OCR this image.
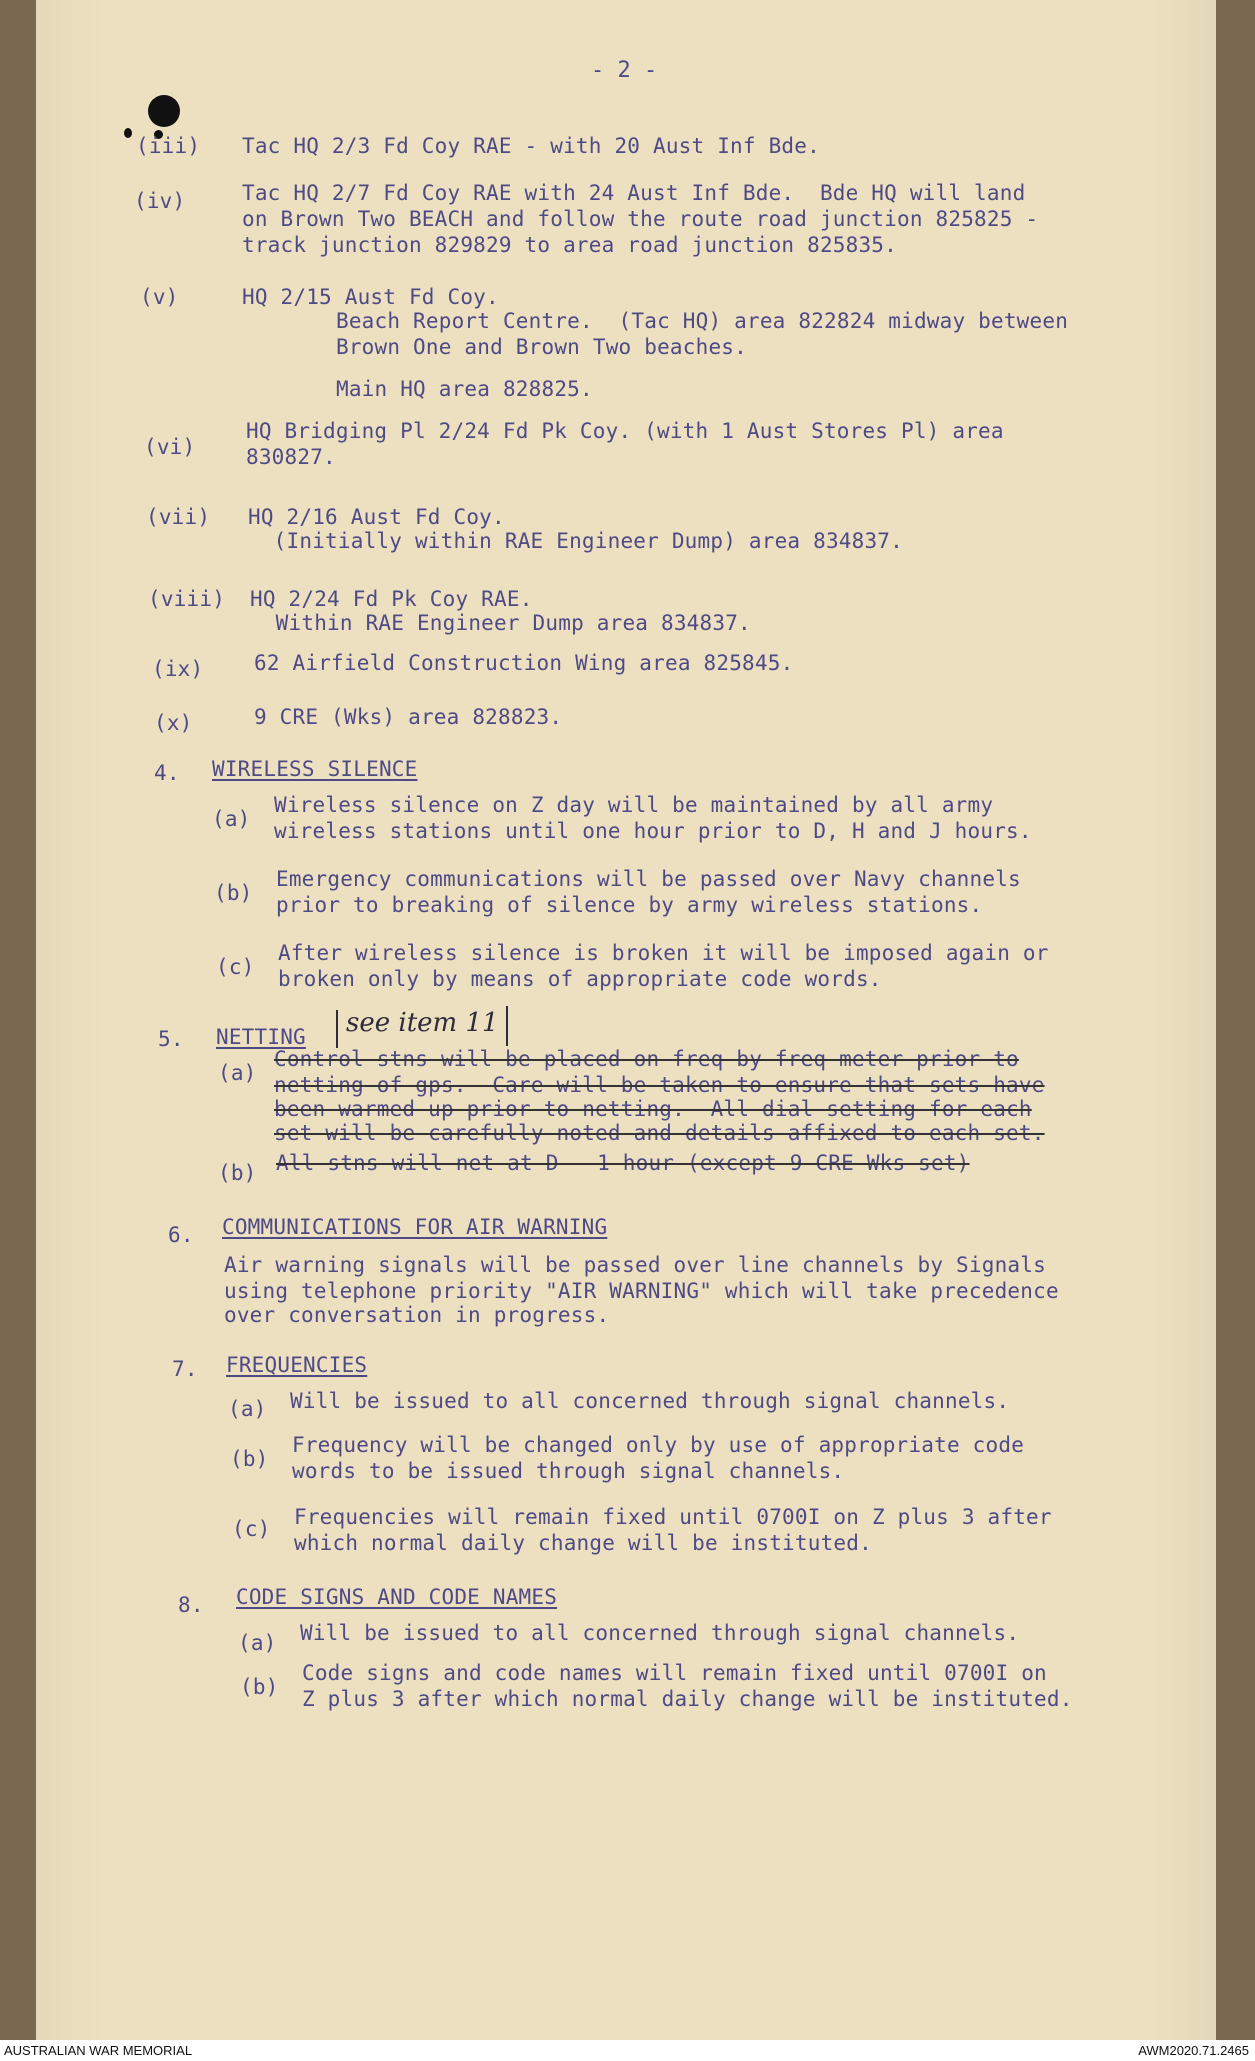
- 2 -
(iii) Tac HQ 2/3 Fd Coy RAE - with 20 Aust Inf Bde.
(iv)	Tac HQ 2/7 Fd Coy RAE with 24 Aust Inf Bde.  Bde HQ will land
on Brown Two BEACH and follow the route road junction 825825 -
track junction 829829 to area road junction 825835.
(v)	HQ 2/15 Aust Fd Coy.
Beach Report Centre.  (Tac HQ) area 822824 midway between
Brown One and Brown Two beaches.
Main HQ area 828825.
(vi)
HQ Bridging Pl 2/24 Fd Pk Coy. (with 1 Aust Stores Pl) area
830827.
(vii) HQ 2/16 Aust Fd Coy.
(Initially within RAE Engineer Dump) area 834837.
(viii) HQ 2/24 Fd Pk Coy RAE.
Within RAE Engineer Dump area 834837.
(ix) 62 Airfield Construction Wing area 825845.
(x)	9 CRE (Wks) area 828823.
4. WIRELESS SILENCE
(a)
Wireless silence on Z day will be maintained by all army
wireless stations until one hour prior to D, H and J hours.
(b)
Emergency communications will be passed over Navy channels
prior to breaking of silence by army wireless stations.
(c)
After wireless silence is broken it will be imposed again or
broken only by means of appropriate code words.
5. NETTING see item 11
(a)
Control stns will be placed on freq by freq meter prior to
netting of gps.  Care will be taken to ensure that sets have
been warmed up prior to netting.  All dial setting for each
set will be carefully noted and details affixed to each set.
(b) All stns will net at D - 1 hour (except 9 CRE Wks set)
6. COMMUNICATIONS FOR AIR WARNING
Air warning signals will be passed over line channels by Signals
using telephone priority "AIR WARNING" which will take precedence
over conversation in progress.
7. FREQUENCIES
(a) Will be issued to all concerned through signal channels.
(b)
Frequency will be changed only by use of appropriate code
words to be issued through signal channels.
(c) Frequencies will remain fixed until 0700I on Z plus 3 after
which normal daily change will be instituted.
8. CODE SIGNS AND CODE NAMES
(a) Will be issued to all concerned through signal channels.
(b)
Code signs and code names will remain fixed until 0700I on
Z plus 3 after which normal daily change will be instituted.
AUSTRALIAN WAR MEMORIAL	AWM2020.71.2465
